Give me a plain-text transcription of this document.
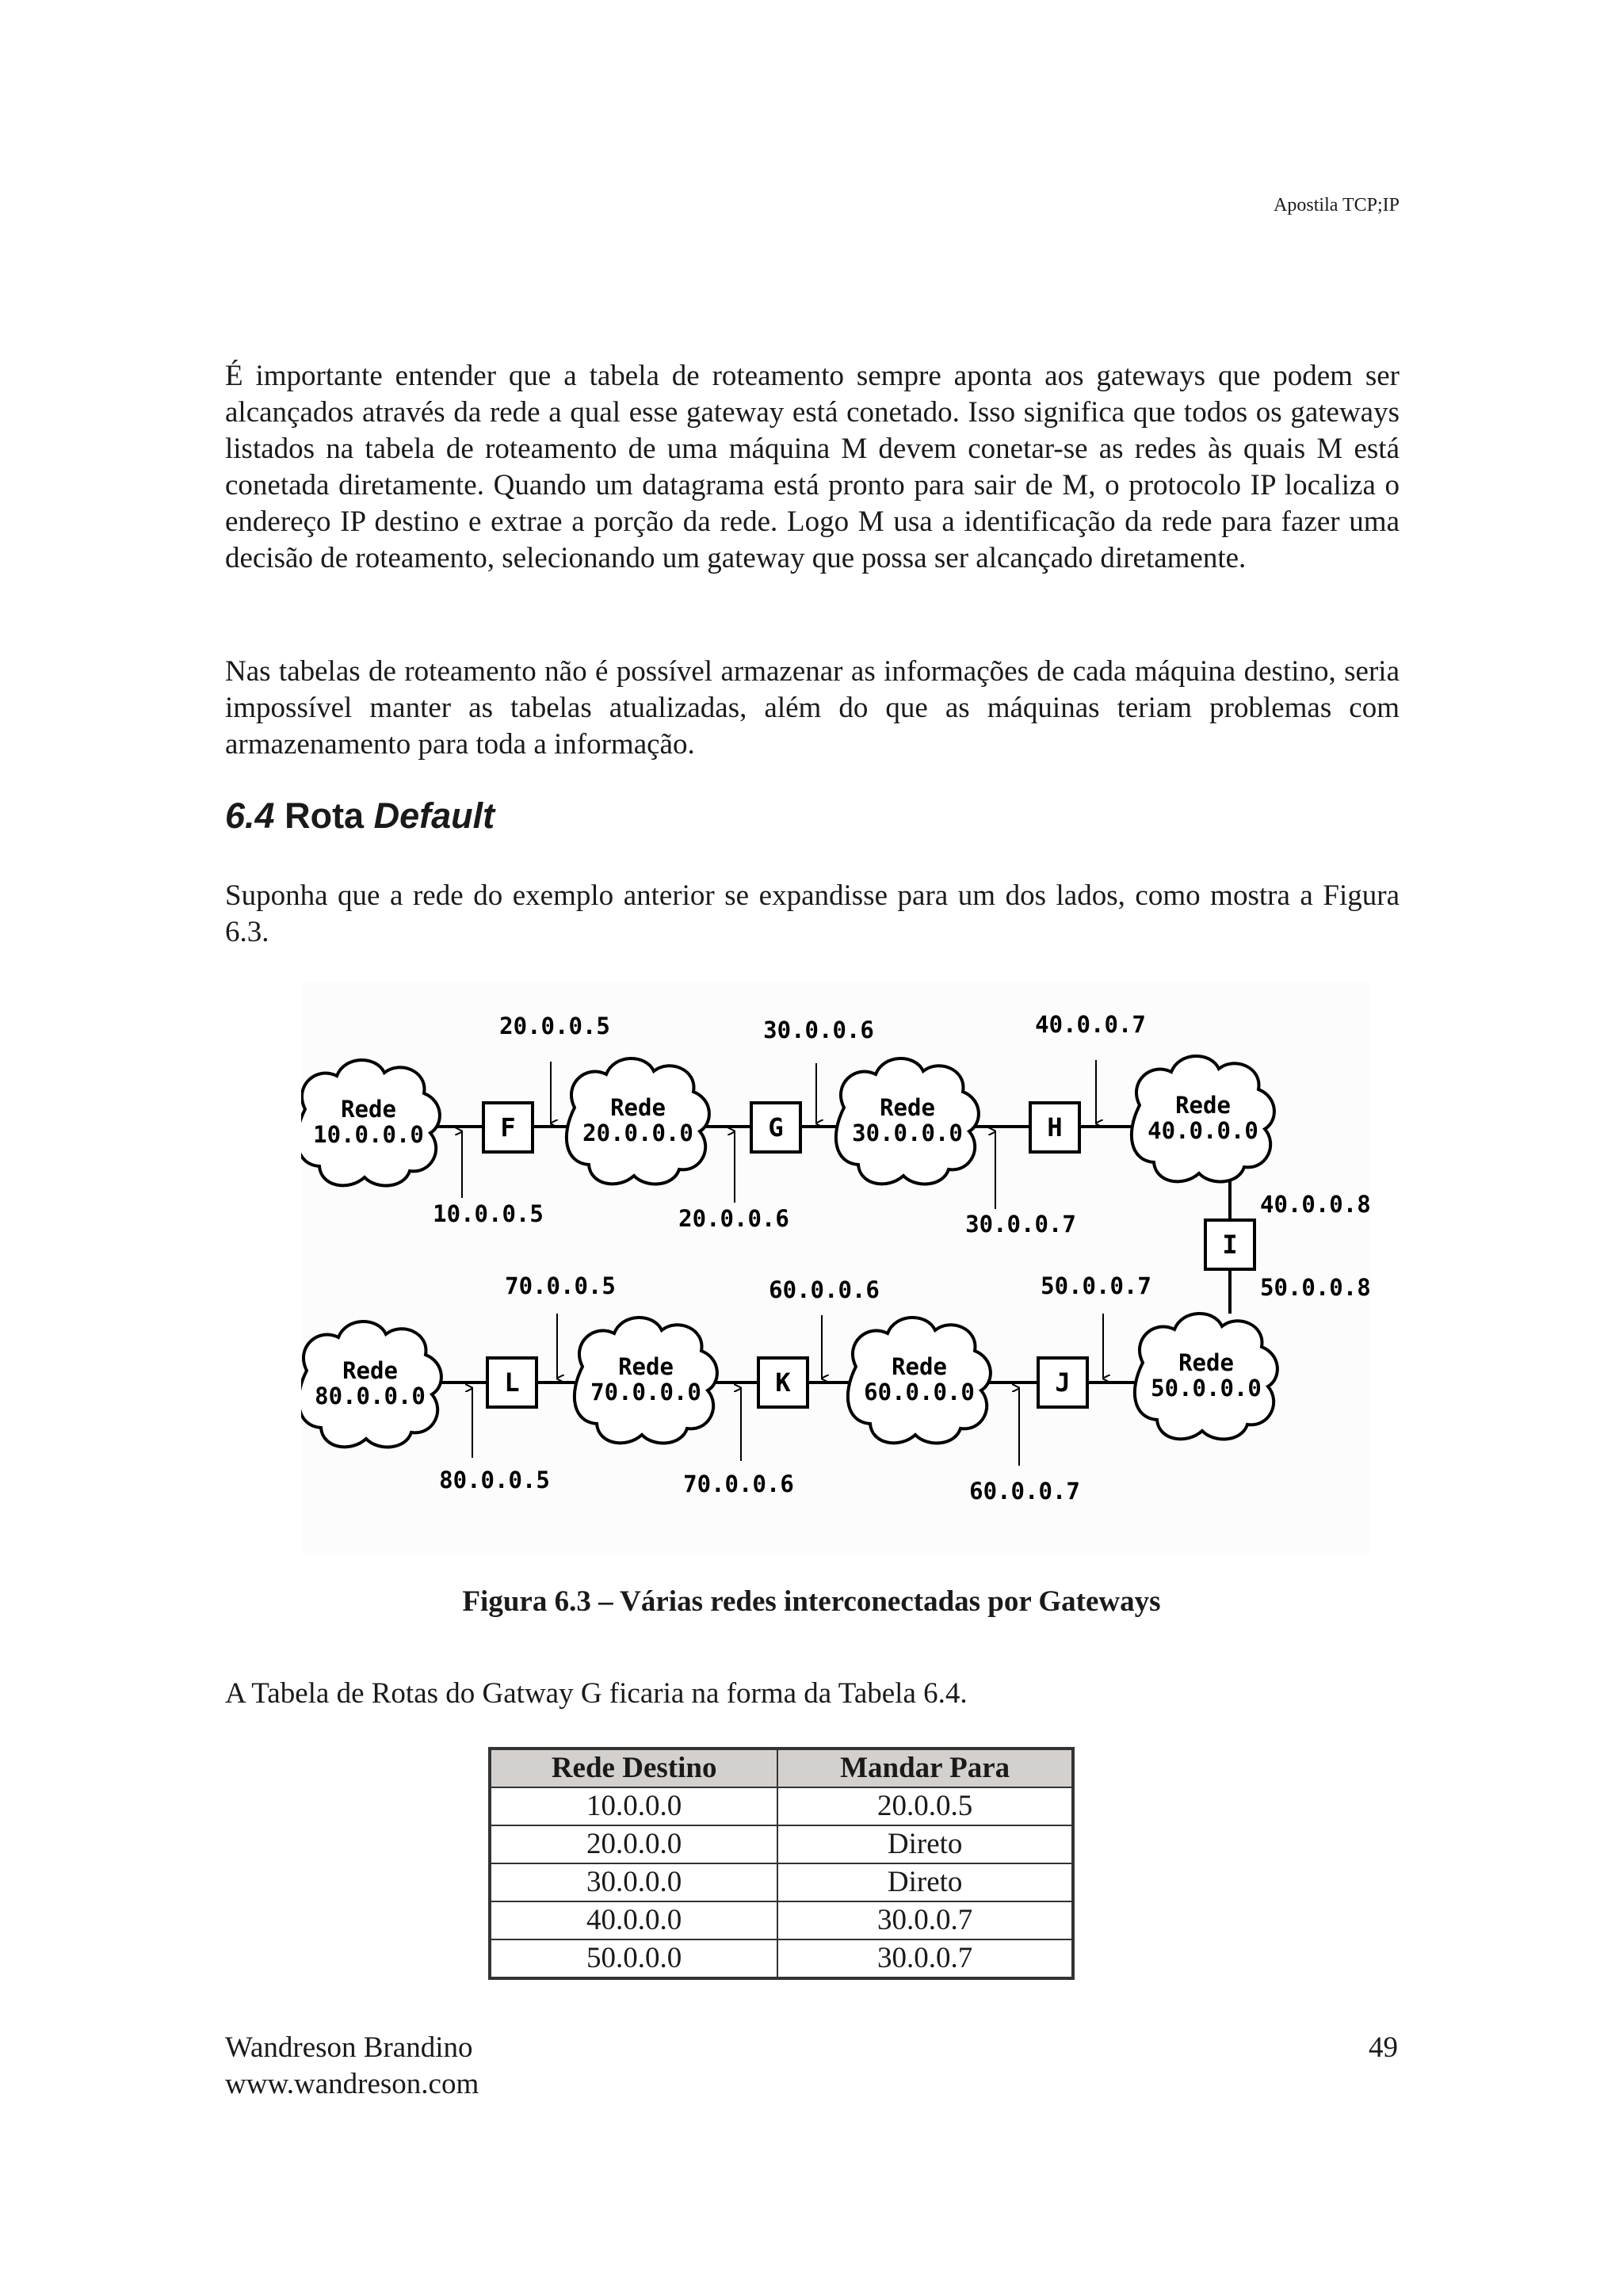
Apostila TCP;IP

É importante entender que a tabela de roteamento sempre aponta aos gateways que podem ser alcançados através da rede a qual esse gateway está conetado. Isso significa que todos os gateways listados na tabela de roteamento de uma máquina M devem conetar-se as redes às quais M está conetada diretamente. Quando um datagrama está pronto para sair de M, o protocolo IP localiza o endereço IP destino e extrae a porção da rede. Logo M usa a identificação da rede para fazer uma decisão de roteamento, selecionando um gateway que possa ser alcançado diretamente.

Nas tabelas de roteamento não é possível armazenar as informações de cada máquina destino, seria impossível manter as tabelas atualizadas, além do que as máquinas teriam problemas com armazenamento para toda a informação.

6.4 Rota Default

Suponha que a rede do exemplo anterior se expandisse para um dos lados, como mostra a Figura 6.3.

Rede
10.0.0.0
Rede
20.0.0.0
Rede
30.0.0.0
Rede
40.0.0.0
Rede
50.0.0.0
Rede
60.0.0.0
Rede
70.0.0.0
Rede
80.0.0.0
F	G	H
I
J
K
L
20.0.0.5	30.0.0.6	40.0.0.7
10.0.0.5	20.0.0.6	30.0.0.7
40.0.0.8
50.0.0.8
70.0.0.5	60.0.0.6	50.0.0.7
80.0.0.5	70.0.0.6	60.0.0.7
Figura 6.3 – Várias redes interconectadas por Gateways

A Tabela de Rotas do Gatway G ficaria na forma da Tabela 6.4.

Rede Destino	Mandar Para
10.0.0.0	20.0.0.5
20.0.0.0	Direto
30.0.0.0	Direto
40.0.0.0	30.0.0.7
50.0.0.0	30.0.0.7
Wandreson Brandino
www.wandreson.com
49
